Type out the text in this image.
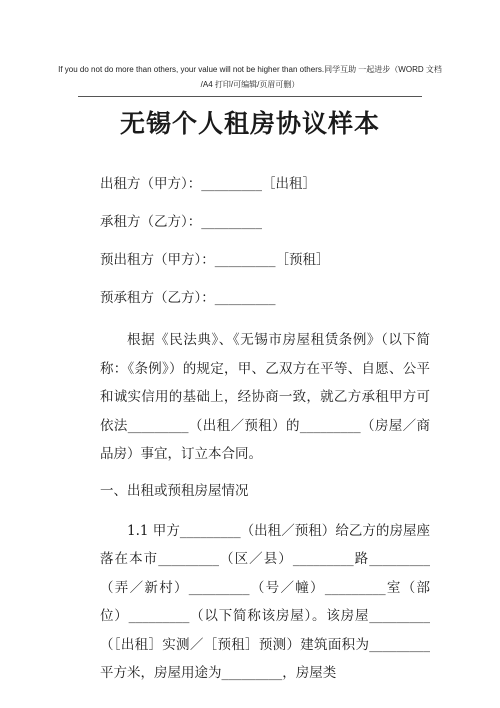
If you do not do more than others, your value will not be higher than others.同学互助 一起进步（WORD 文档
/A4 打印/可编辑/页眉可删）
无锡个人租房协议样本
出租方（甲方）：_________［出租］
承租方（乙方）：_________
预出租方（甲方）：_________［预租］
预承租方（乙方）：_________

根据《民法典》、《无锡市房屋租赁条例》（以下简称：《条例》）的规定，甲、乙双方在平等、自愿、公平和诚实信用的基础上，经协商一致，就乙方承租甲方可依法_________（出租／预租）的_________（房屋／商品房）事宜，订立本合同。

一、出租或预租房屋情况

1.1 甲方_________（出租／预租）给乙方的房屋座落在本市_________（区／县）_________路_________（弄／新村）_________（号／幢）_________室（部位）_________（以下简称该房屋）。该房屋_________（［出租］实测／［预租］预测）建筑面积为_________平方米，房屋用途为_________，房屋类
